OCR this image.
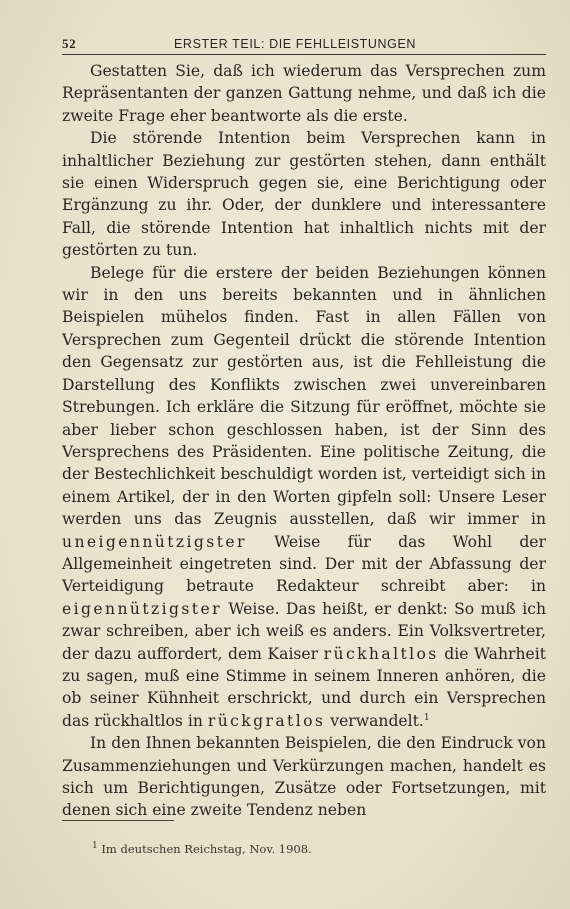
52	ERSTER TEIL: DIE FEHLLEISTUNGEN

Gestatten Sie, daß ich wiederum das Versprechen zum Repräsentanten der ganzen Gattung nehme, und daß ich die zweite Frage eher beantworte als die erste.

Die störende Intention beim Versprechen kann in inhaltlicher Beziehung zur gestörten stehen, dann enthält sie einen Widerspruch gegen sie, eine Berichtigung oder Ergänzung zu ihr. Oder, der dunklere und interessantere Fall, die störende Intention hat inhaltlich nichts mit der gestörten zu tun.

Belege für die erstere der beiden Beziehungen können wir in den uns bereits bekannten und in ähnlichen Beispielen mühelos finden. Fast in allen Fällen von Versprechen zum Gegenteil drückt die störende Intention den Gegensatz zur gestörten aus, ist die Fehlleistung die Darstellung des Konflikts zwischen zwei unvereinbaren Strebungen. Ich erkläre die Sitzung für eröffnet, möchte sie aber lieber schon geschlossen haben, ist der Sinn des Versprechens des Präsidenten. Eine politische Zeitung, die der Bestechlichkeit beschuldigt worden ist, verteidigt sich in einem Artikel, der in den Worten gipfeln soll: Unsere Leser werden uns das Zeugnis ausstellen, daß wir immer in uneigennützigster Weise für das Wohl der Allgemeinheit eingetreten sind. Der mit der Abfassung der Verteidigung betraute Redakteur schreibt aber: in eigennützigster Weise. Das heißt, er denkt: So muß ich zwar schreiben, aber ich weiß es anders. Ein Volksvertreter, der dazu auffordert, dem Kaiser rückhaltlos die Wahrheit zu sagen, muß eine Stimme in seinem Inneren anhören, die ob seiner Kühnheit erschrickt, und durch ein Versprechen das rückhaltlos in rückgratlos verwandelt.$^1$

In den Ihnen bekannten Beispielen, die den Eindruck von Zusammenziehungen und Verkürzungen machen, handelt es sich um Berichtigungen, Zusätze oder Fortsetzungen, mit denen sich eine zweite Tendenz neben

$^1$ Im deutschen Reichstag, Nov. 1908.
